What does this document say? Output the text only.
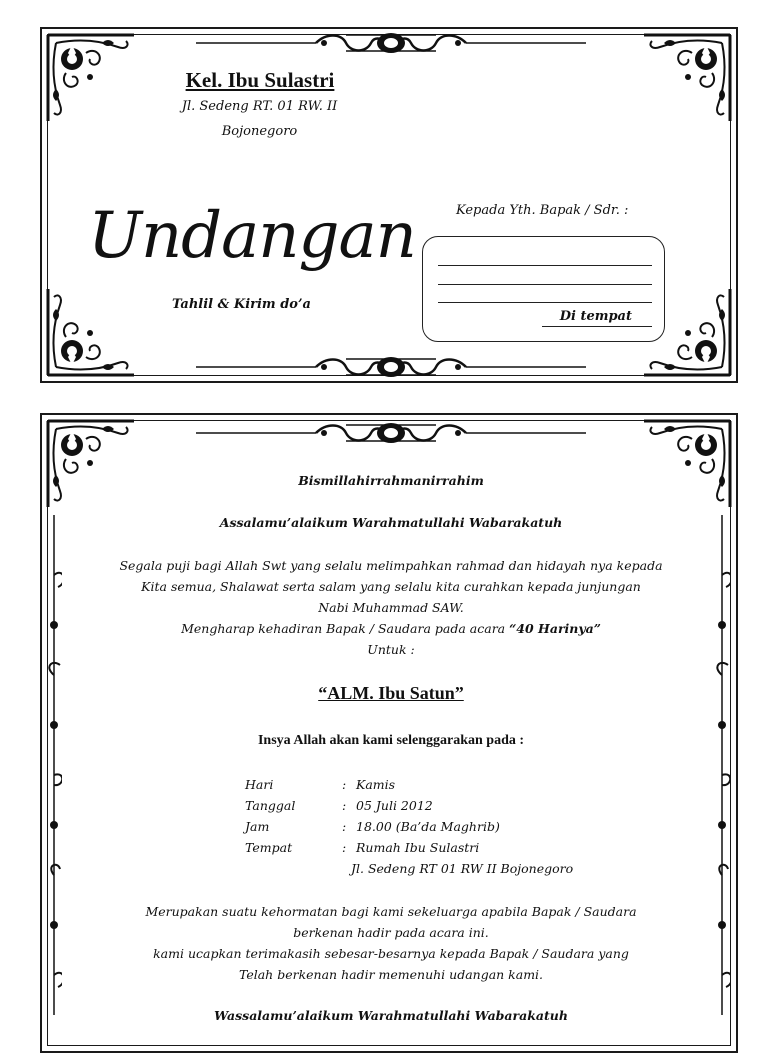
Kel. Ibu Sulastri
Jl. Sedeng RT. 01 RW. II
Bojonegoro
Undangan
Tahlil & Kirim do’a
Kepada Yth. Bapak / Sdr. :
Di tempat
Bismillahirrahmanirrahim
Assalamu’alaikum Warahmatullahi Wabarakatuh
Segala puji bagi Allah Swt yang selalu melimpahkan rahmad dan hidayah nya kepada
Kita semua, Shalawat serta salam yang selalu kita curahkan kepada junjungan
Nabi Muhammad SAW.
Mengharap kehadiran Bapak / Saudara pada acara “40 Harinya”
Untuk :
“ALM. Ibu Satun”
Insya Allah akan kami selenggarakan pada :
Hari	: Kamis
Tanggal	: 05 Juli 2012
Jam	: 18.00 (Ba’da Maghrib)
Tempat	: Rumah Ibu Sulastri
Jl. Sedeng RT 01 RW II Bojonegoro
Merupakan suatu kehormatan bagi kami sekeluarga apabila Bapak / Saudara
berkenan hadir pada acara ini.
kami ucapkan terimakasih sebesar-besarnya kepada Bapak / Saudara yang
Telah berkenan hadir memenuhi udangan kami.
Wassalamu’alaikum Warahmatullahi Wabarakatuh
